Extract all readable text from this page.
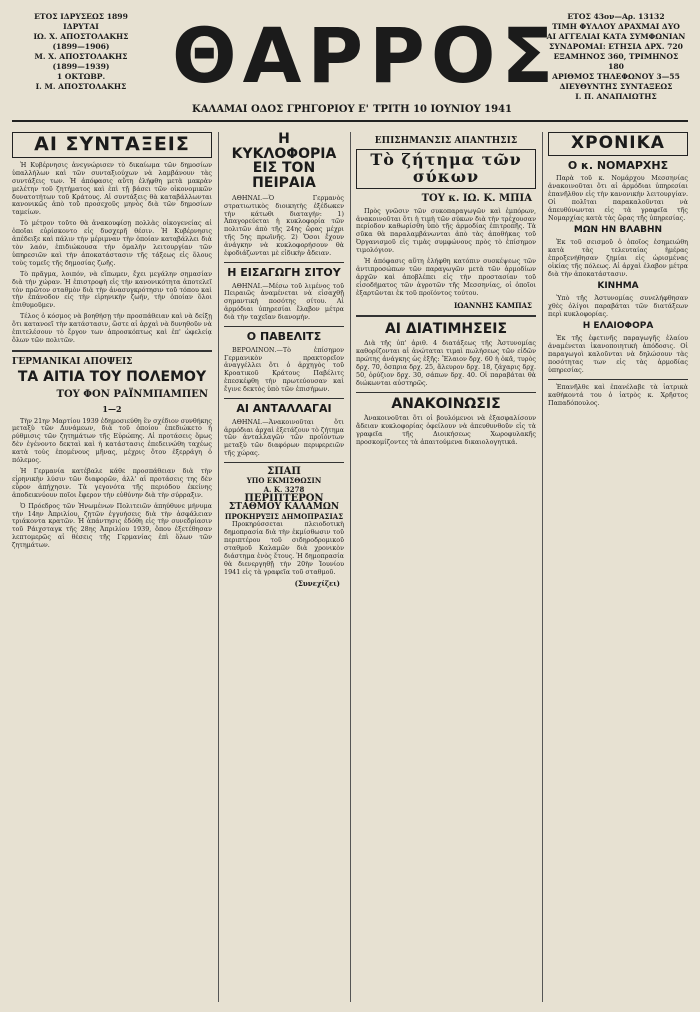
ΕΤΟΣ ΙΔΡΥΣΕΩΣ 1899
ΙΔΡΥΤΑΙ
ΙΩ. Χ. ΑΠΟΣΤΟΛΑΚΗΣ
(1899—1906)
Μ. Χ. ΑΠΟΣΤΟΛΑΚΗΣ
(1899—1939)
1 ΟΚΤΩΒΡ.
Ι. Μ. ΑΠΟΣΤΟΛΑΚΗΣ ΘΑΡΡΟΣ
ΚΑΛΑΜΑΙ ΟΔΟΣ ΓΡΗΓΟΡΙΟΥ Ε' ΤΡΙΤΗ 10 ΙΟΥΝΙΟΥ 1941
ΕΤΟΣ 43ον—Αρ. 13132
ΤΙΜΗ ΦΥΛΛΟΥ ΔΡΑΧΜΑΙ ΔΥΟ
ΑΙ ΑΓΓΕΛΙΑΙ ΚΑΤΑ ΣΥΜΦΩΝΙΑΝ
ΣΥΝΔΡΟΜΑΙ: ΕΤΗΣΙΑ ΔΡΧ. 720
ΕΞΑΜΗΝΟΣ 360, ΤΡΙΜΗΝΟΣ 180
ΑΡΙΘΜΟΣ ΤΗΛΕΦΩΝΟΥ 3—55
ΔΙΕΥΘΥΝΤΗΣ ΣΥΝΤΑΞΕΩΣ
Ι. Π. ΑΝΑΠΛΙΩΤΗΣ
ΑΙ ΣΥΝΤΑΞΕΙΣ

Ἡ Κυβέρνησις ἀνεγνώρισεν τὸ δικαίωμα τῶν δημοσίων ὑπαλλήλων καὶ τῶν συνταξιούχων νὰ λαμβάνουν τὰς συντάξεις των. Ἡ ἀπόφασις αὕτη ἐλήφθη μετὰ μακρὰν μελέτην τοῦ ζητήματος καὶ ἐπὶ τῇ βάσει τῶν οἰκονομικῶν δυνατοτήτων τοῦ Κράτους. Αἱ συντάξεις θὰ καταβάλλωνται κανονικῶς ἀπὸ τοῦ προσεχοῦς μηνὸς διὰ τῶν δημοσίων ταμείων.

Τὸ μέτρον τοῦτο θὰ ἀνακουφίσῃ πολλὰς οἰκογενείας αἱ ὁποῖαι εὑρίσκοντο εἰς δυσχερῆ θέσιν. Ἡ Κυβέρνησις ἀπέδειξε καὶ πάλιν τὴν μέριμναν τὴν ὁποίαν καταβάλλει διὰ τὸν λαόν, ἐπιδιώκουσα τὴν ὁμαλὴν λειτουργίαν τῶν ὑπηρεσιῶν καὶ τὴν ἀποκατάστασιν τῆς τάξεως εἰς ὅλους τοὺς τομεῖς τῆς δημοσίας ζωῆς.

Τὸ πρᾶγμα, λοιπόν, νὰ εἴπωμεν, ἔχει μεγάλην σημασίαν διὰ τὴν χώραν. Ἡ ἐπιστροφὴ εἰς τὴν κανονικότητα ἀποτελεῖ τὸν πρῶτον σταθμὸν διὰ τὴν ἀνασυγκρότησιν τοῦ τόπου καὶ τὴν ἐπάνοδον εἰς τὴν εἰρηνικὴν ζωήν, τὴν ὁποίαν ὅλοι ἐπιθυμοῦμεν.

Τέλος ὁ κόσμος νὰ βοηθήσῃ τὴν προσπάθειαν καὶ νὰ δείξῃ ὅτι κατανοεῖ τὴν κατάστασιν, ὥστε αἱ ἀρχαὶ νὰ δυνηθοῦν νὰ ἐπιτελέσουν τὸ ἔργον των ἀπροσκόπτως καὶ ἐπ' ὠφελείᾳ ὅλων τῶν πολιτῶν.

ΓΕΡΜΑΝΙΚΑΙ ΑΠΟΨΕΙΣ
ΤΑ ΑΙΤΙΑ ΤΟΥ ΠΟΛΕΜΟΥ
ΤΟΥ ΦΟΝ ΡΑΪΝΜΠΑΜΠΕΝ
1—2

Τὴν 21ην Μαρτίου 1939 ἐδημοσιεύθη ἓν σχέδιον συνθήκης μεταξὺ τῶν Δυνάμεων, διὰ τοῦ ὁποίου ἐπεδιώκετο ἡ ρύθμισις τῶν ζητημάτων τῆς Εὐρώπης. Αἱ προτάσεις ὅμως δὲν ἐγένοντο δεκταὶ καὶ ἡ κατάστασις ἐπεδεινώθη ταχέως κατὰ τοὺς ἑπομένους μῆνας, μέχρις ὅτου ἐξερράγη ὁ πόλεμος.

Ἡ Γερμανία κατέβαλε κάθε προσπάθειαν διὰ τὴν εἰρηνικὴν λύσιν τῶν διαφορῶν, ἀλλ' αἱ προτάσεις της δὲν εὗρον ἀπήχησιν. Τὰ γεγονότα τῆς περιόδου ἐκείνης ἀποδεικνύουν ποῖοι ἔφερον τὴν εὐθύνην διὰ τὴν σύρραξιν.

Ὁ Πρόεδρος τῶν Ἡνωμένων Πολιτειῶν ἀπηύθυνε μήνυμα τὴν 14ην Ἀπριλίου, ζητῶν ἐγγυήσεις διὰ τὴν ἀσφάλειαν τριάκοντα κρατῶν. Ἡ ἀπάντησις ἐδόθη εἰς τὴν συνεδρίασιν τοῦ Ράιχσταγκ τῆς 28ης Ἀπριλίου 1939, ὅπου ἐξετέθησαν λεπτομερῶς αἱ θέσεις τῆς Γερμανίας ἐπὶ ὅλων τῶν ζητημάτων.

Η ΚΥΚΛΟΦΟΡΙΑ ΕΙΣ ΤΟΝ ΠΕΙΡΑΙΑ

ΑΘΗΝΑΙ.—Ὁ Γερμανὸς στρατιωτικὸς διοικητὴς ἐξέδωκεν τὴν κάτωθι διαταγήν: 1) Ἀπαγορεύεται ἡ κυκλοφορία τῶν πολιτῶν ἀπὸ τῆς 24ης ὥρας μέχρι τῆς 5ης πρωϊνῆς. 2) Ὅσοι ἔχουν ἀνάγκην νὰ κυκλοφορήσουν θὰ ἐφοδιάζωνται μὲ εἰδικὴν ἄδειαν.

Η ΕΙΣΑΓΩΓΗ ΣΙΤΟΥ

ΑΘΗΝΑΙ.—Μέσω τοῦ λιμένος τοῦ Πειραιῶς ἀναμένεται νὰ εἰσαχθῇ σημαντικὴ ποσότης σίτου. Αἱ ἁρμόδιαι ὑπηρεσίαι ἔλαβον μέτρα διὰ τὴν ταχεῖαν διανομήν.

Ο ΠΑΒΕΛΙΤΣ

ΒΕΡΟΛΙΝΟΝ.—Τὸ ἐπίσημον Γερμανικὸν πρακτορεῖον ἀναγγέλλει ὅτι ὁ ἀρχηγὸς τοῦ Κροατικοῦ Κράτους Παβέλιτς ἐπεσκέφθη τὴν πρωτεύουσαν καὶ ἔγινε δεκτὸς ὑπὸ τῶν ἐπισήμων.

ΑΙ ΑΝΤΑΛΛΑΓΑΙ

ΑΘΗΝΑΙ.—Ἀνακοινοῦται ὅτι ἀρμόδιαι ἀρχαὶ ἐξετάζουν τὸ ζήτημα τῶν ἀνταλλαγῶν τῶν προϊόντων μεταξὺ τῶν διαφόρων περιφερειῶν τῆς χώρας.

ΣΠΑΠ
ΥΠΟ ΕΚΜΙΣΘΩΣΙΝ
Α. Κ. 3278
ΠΕΡΙΠΤΕΡΟΝ
ΣΤΑΘΜΟΥ ΚΑΛΑΜΩΝ
ΠΡΟΚΗΡΥΞΙΣ ΔΗΜΟΠΡΑΣΙΑΣ

Προκηρύσσεται πλειοδοτικὴ δημοπρασία διὰ τὴν ἐκμίσθωσιν τοῦ περιπτέρου τοῦ σιδηροδρομικοῦ σταθμοῦ Καλαμῶν διὰ χρονικὸν διάστημα ἑνὸς ἔτους. Ἡ δημοπρασία θὰ διενεργηθῇ τὴν 20ὴν Ἰουνίου 1941 εἰς τὰ γραφεῖα τοῦ σταθμοῦ.

(Συνεχίζει)
ΕΠΙΣΗΜΑΝΣΙΣ ΑΠΑΝΤΗΣΙΣ
Τὸ ζήτημα τῶν σύκων
ΤΟΥ κ. ΙΩ. Κ. ΜΠΙΑ

Πρὸς γνῶσιν τῶν συκοπαραγωγῶν καὶ ἐμπόρων, ἀνακοινοῦται ὅτι ἡ τιμὴ τῶν σύκων διὰ τὴν τρέχουσαν περίοδον καθωρίσθη ὑπὸ τῆς ἁρμοδίας ἐπιτροπῆς. Τὰ σῦκα θὰ παραλαμβάνωνται ἀπὸ τὰς ἀποθήκας τοῦ Ὀργανισμοῦ εἰς τιμὰς συμφώνους πρὸς τὸ ἐπίσημον τιμολόγιον.

Ἡ ἀπόφασις αὕτη ἐλήφθη κατόπιν συσκέψεως τῶν ἀντιπροσώπων τῶν παραγωγῶν μετὰ τῶν ἁρμοδίων ἀρχῶν καὶ ἀποβλέπει εἰς τὴν προστασίαν τοῦ εἰσοδήματος τῶν ἀγροτῶν τῆς Μεσσηνίας, οἱ ὁποῖοι ἐξαρτῶνται ἐκ τοῦ προϊόντος τούτου.

ΙΩΑΝΝΗΣ ΚΑΜΠΑΣ
ΑΙ ΔΙΑΤΙΜΗΣΕΙΣ

Διὰ τῆς ὑπ' ἀριθ. 4 διατάξεως τῆς Ἀστυνομίας καθορίζονται αἱ ἀνώταται τιμαὶ πωλήσεως τῶν εἰδῶν πρώτης ἀνάγκης ὡς ἑξῆς: Ἔλαιον δρχ. 60 ἡ ὀκᾶ, τυρὸς δρχ. 70, ὄσπρια δρχ. 25, ἄλευρον δρχ. 18, ζάχαρις δρχ. 50, ὀρύζιον δρχ. 30, σάπων δρχ. 40. Οἱ παραβάται θὰ διώκωνται αὐστηρῶς.

ΑΝΑΚΟΙΝΩΣΙΣ

Ἀνακοινοῦται ὅτι οἱ βουλόμενοι νὰ ἐξασφαλίσουν ἄδειαν κυκλοφορίας ὀφείλουν νὰ ἀπευθυνθοῦν εἰς τὰ γραφεῖα τῆς Διοικήσεως Χωροφυλακῆς προσκομίζοντες τὰ ἀπαιτούμενα δικαιολογητικά.

ΧΡΟΝΙΚΑ
Ο κ. ΝΟΜΑΡΧΗΣ

Παρὰ τοῦ κ. Νομάρχου Μεσσηνίας ἀνακοινοῦται ὅτι αἱ ἁρμόδιαι ὑπηρεσίαι ἐπανῆλθον εἰς τὴν κανονικὴν λειτουργίαν. Οἱ πολῖται παρακαλοῦνται νὰ ἀπευθύνωνται εἰς τὰ γραφεῖα τῆς Νομαρχίας κατὰ τὰς ὥρας τῆς ὑπηρεσίας.

ΜΩΝ ΗΝ ΒΛΑΒΗΝ

Ἐκ τοῦ σεισμοῦ ὁ ὁποῖος ἐσημειώθη κατὰ τὰς τελευταίας ἡμέρας ἐπροξενήθησαν ζημίαι εἰς ὡρισμένας οἰκίας τῆς πόλεως. Αἱ ἀρχαὶ ἐλαβον μέτρα διὰ τὴν ἀποκατάστασιν.

ΚΙΝΗΜΑ

Ὑπὸ τῆς Ἀστυνομίας συνελήφθησαν χθὲς ὀλίγοι παραβάται τῶν διατάξεων περὶ κυκλοφορίας.

Η ΕΛΑΙΟΦΟΡΑ

Ἐκ τῆς ἐφετινῆς παραγωγῆς ἐλαίου ἀναμένεται ἱκανοποιητικὴ ἀπόδοσις. Οἱ παραγωγοὶ καλοῦνται νὰ δηλώσουν τὰς ποσότητας των εἰς τὰς ἁρμοδίας ὑπηρεσίας.

Ἐπανῆλθε καὶ ἐπανέλαβε τὰ ἰατρικὰ καθήκοντά του ὁ ἰατρὸς κ. Χρῆστος Παπαδόπουλος.
